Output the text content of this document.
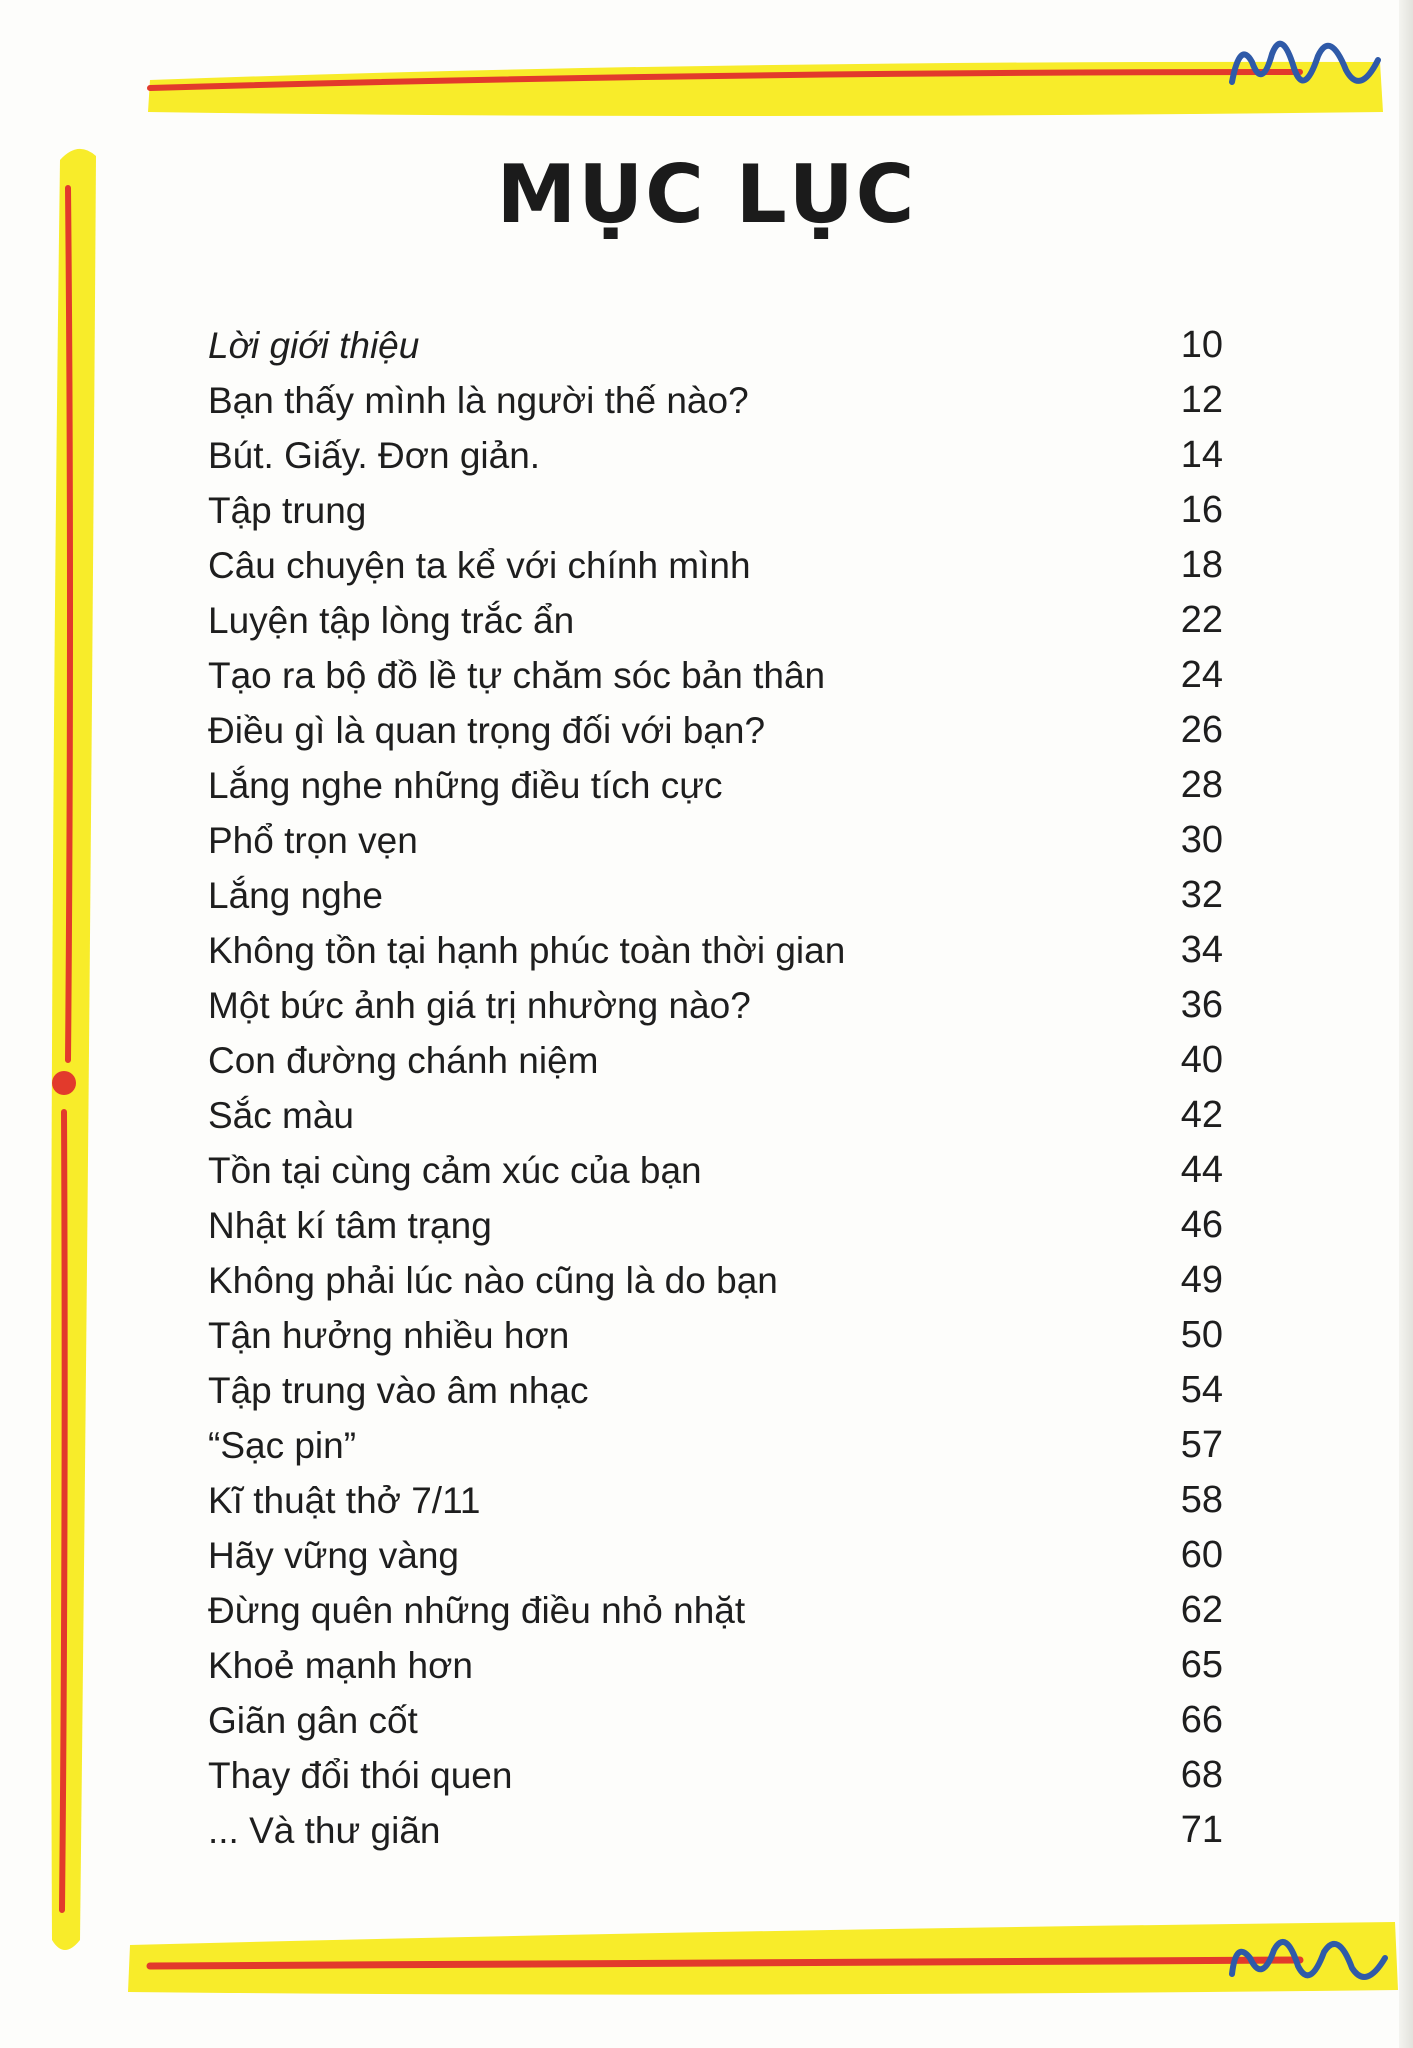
MỤC LỤC
Lời giới thiệu	10
Bạn thấy mình là người thế nào?	12
Bút. Giấy. Đơn giản.	14
Tập trung	16
Câu chuyện ta kể với chính mình	18
Luyện tập lòng trắc ẩn	22
Tạo ra bộ đồ lề tự chăm sóc bản thân	24
Điều gì là quan trọng đối với bạn?	26
Lắng nghe những điều tích cực	28
Phổ trọn vẹn	30
Lắng nghe	32
Không tồn tại hạnh phúc toàn thời gian	34
Một bức ảnh giá trị nhường nào?	36
Con đường chánh niệm	40
Sắc màu	42
Tồn tại cùng cảm xúc của bạn	44
Nhật kí tâm trạng	46
Không phải lúc nào cũng là do bạn	49
Tận hưởng nhiều hơn	50
Tập trung vào âm nhạc	54
“Sạc pin”	57
Kĩ thuật thở 7/11	58
Hãy vững vàng	60
Đừng quên những điều nhỏ nhặt	62
Khoẻ mạnh hơn	65
Giãn gân cốt	66
Thay đổi thói quen	68
... Và thư giãn	71
